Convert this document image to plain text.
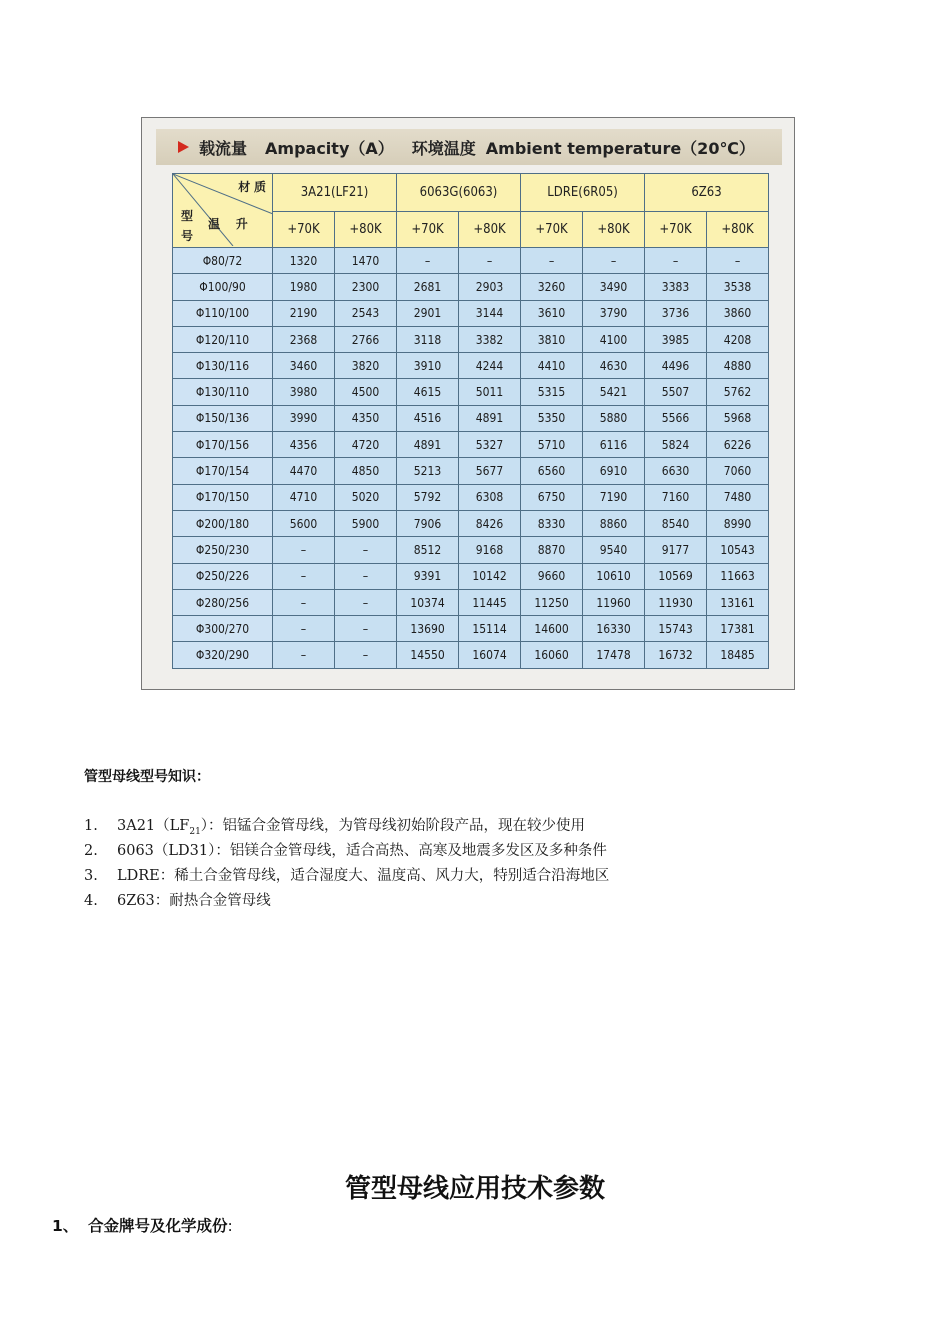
载流量 Ampacity（A） 环境温度 Ambient temperature（20℃）
材 质
温 升
型 号	3A21(LF21)		6063G(6063)		LDRE(6R05)		6Z63	
	+70K	+80K	+70K	+80K	+70K	+80K	+70K	+80K
Φ80/72	1320	1470	–	–	–	–	–	–
Φ100/90	1980	2300	2681	2903	3260	3490	3383	3538
Φ110/100	2190	2543	2901	3144	3610	3790	3736	3860
Φ120/110	2368	2766	3118	3382	3810	4100	3985	4208
Φ130/116	3460	3820	3910	4244	4410	4630	4496	4880
Φ130/110	3980	4500	4615	5011	5315	5421	5507	5762
Φ150/136	3990	4350	4516	4891	5350	5880	5566	5968
Φ170/156	4356	4720	4891	5327	5710	6116	5824	6226
Φ170/154	4470	4850	5213	5677	6560	6910	6630	7060
Φ170/150	4710	5020	5792	6308	6750	7190	7160	7480
Φ200/180	5600	5900	7906	8426	8330	8860	8540	8990
Φ250/230	–	–	8512	9168	8870	9540	9177	10543
Φ250/226	–	–	9391	10142	9660	10610	10569	11663
Φ280/256	–	–	10374	11445	11250	11960	11930	13161
Φ300/270	–	–	13690	15114	14600	16330	15743	17381
Φ320/290	–	–	14550	16074	16060	17478	16732	18485
管型母线型号知识：
1.	$3A21(LF_{21})$：铝锰合金管母线，为管母线初始阶段产品，现在较少使用
2.	6063（LD31）：铝镁合金管母线，适合高热、高寒及地震多发区及多种条件
3.	LDRE：稀土合金管母线，适合湿度大、温度高、风力大，特别适合沿海地区
4.	6Z63：耐热合金管母线
管型母线应用技术参数
1、 合金牌号及化学成份:
